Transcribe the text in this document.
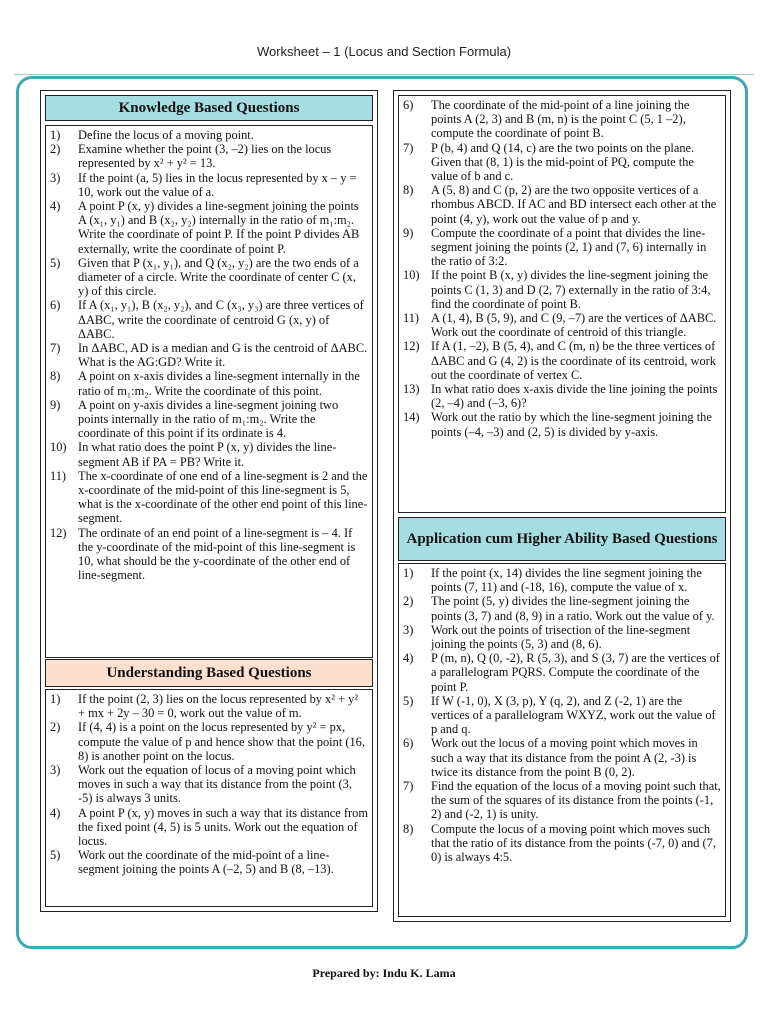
Worksheet – 1 (Locus and Section Formula)
Knowledge Based Questions
1) Define the locus of a moving point.
2) Examine whether the point (3, –2) lies on the locus represented by x² + y² = 13.
3) If the point (a, 5) lies in the locus represented by x – y = 10, work out the value of a.
4) A point P (x, y) divides a line-segment joining the points A (x₁, y₁) and B (x₂, y₂) internally in the ratio of m₁:m₂. Write the coordinate of point P. If the point P divides AB externally, write the coordinate of point P.
5) Given that P (x₁, y₁), and Q (x₂, y₂) are the two ends of a diameter of a circle. Write the coordinate of center C (x, y) of this circle.
6) If A (x₁, y₁), B (x₂, y₂), and C (x₃, y₃) are three vertices of ΔABC, write the coordinate of centroid G (x, y) of ΔABC.
7) In ΔABC, AD is a median and G is the centroid of ΔABC. What is the AG:GD? Write it.
8) A point on x-axis divides a line-segment internally in the ratio of m₁:m₂. Write the coordinate of this point.
9) A point on y-axis divides a line-segment joining two points internally in the ratio of m₁:m₂. Write the coordinate of this point if its ordinate is 4.
10) In what ratio does the point P (x, y) divides the line-segment AB if PA = PB? Write it.
11) The x-coordinate of one end of a line-segment is 2 and the x-coordinate of the mid-point of this line-segment is 5, what is the x-coordinate of the other end point of this line-segment.
12) The ordinate of an end point of a line-segment is – 4. If the y-coordinate of the mid-point of this line-segment is 10, what should be the y-coordinate of the other end of line-segment.
Understanding Based Questions
1) If the point (2, 3) lies on the locus represented by x² + y² + mx + 2y – 30 = 0, work out the value of m.
2) If (4, 4) is a point on the locus represented by y² = px, compute the value of p and hence show that the point (16, 8) is another point on the locus.
3) Work out the equation of locus of a moving point which moves in such a way that its distance from the point (3, -5) is always 3 units.
4) A point P (x, y) moves in such a way that its distance from the fixed point (4, 5) is 5 units. Work out the equation of locus.
5) Work out the coordinate of the mid-point of a line-segment joining the points A (–2, 5) and B (8, –13).
6) The coordinate of the mid-point of a line joining the points A (2, 3) and B (m, n) is the point C (5, 1 –2), compute the coordinate of point B.
7) P (b, 4) and Q (14, c) are the two points on the plane. Given that (8, 1) is the mid-point of PQ, compute the value of b and c.
8) A (5, 8) and C (p, 2) are the two opposite vertices of a rhombus ABCD. If AC and BD intersect each other at the point (4, y), work out the value of p and y.
9) Compute the coordinate of a point that divides the line-segment joining the points (2, 1) and (7, 6) internally in the ratio of 3:2.
10) If the point B (x, y) divides the line-segment joining the points C (1, 3) and D (2, 7) externally in the ratio of 3:4, find the coordinate of point B.
11) A (1, 4), B (5, 9), and C (9, –7) are the vertices of ΔABC. Work out the coordinate of centroid of this triangle.
12) If A (1, –2), B (5, 4), and C (m, n) be the three vertices of ΔABC and G (4, 2) is the coordinate of its centroid, work out the coordinate of vertex C.
13) In what ratio does x-axis divide the line joining the points (2, –4) and (–3, 6)?
14) Work out the ratio by which the line-segment joining the points (–4, –3) and (2, 5) is divided by y-axis.
Application cum Higher Ability Based Questions
1) If the point (x, 14) divides the line segment joining the points (7, 11) and (-18, 16), compute the value of x.
2) The point (5, y) divides the line-segment joining the points (3, 7) and (8, 9) in a ratio. Work out the value of y.
3) Work out the points of trisection of the line-segment joining the points (5, 3) and (8, 6).
4) P (m, n), Q (0, -2), R (5, 3), and S (3, 7) are the vertices of a parallelogram PQRS. Compute the coordinate of the point P.
5) If W (-1, 0), X (3, p), Y (q, 2), and Z (-2, 1) are the vertices of a parallelogram WXYZ, work out the value of p and q.
6) Work out the locus of a moving point which moves in such a way that its distance from the point A (2, -3) is twice its distance from the point B (0, 2).
7) Find the equation of the locus of a moving point such that, the sum of the squares of its distance from the points (-1, 2) and (-2, 1) is unity.
8) Compute the locus of a moving point which moves such that the ratio of its distance from the points (-7, 0) and (7, 0) is always 4:5.
Prepared by: Indu K. Lama
